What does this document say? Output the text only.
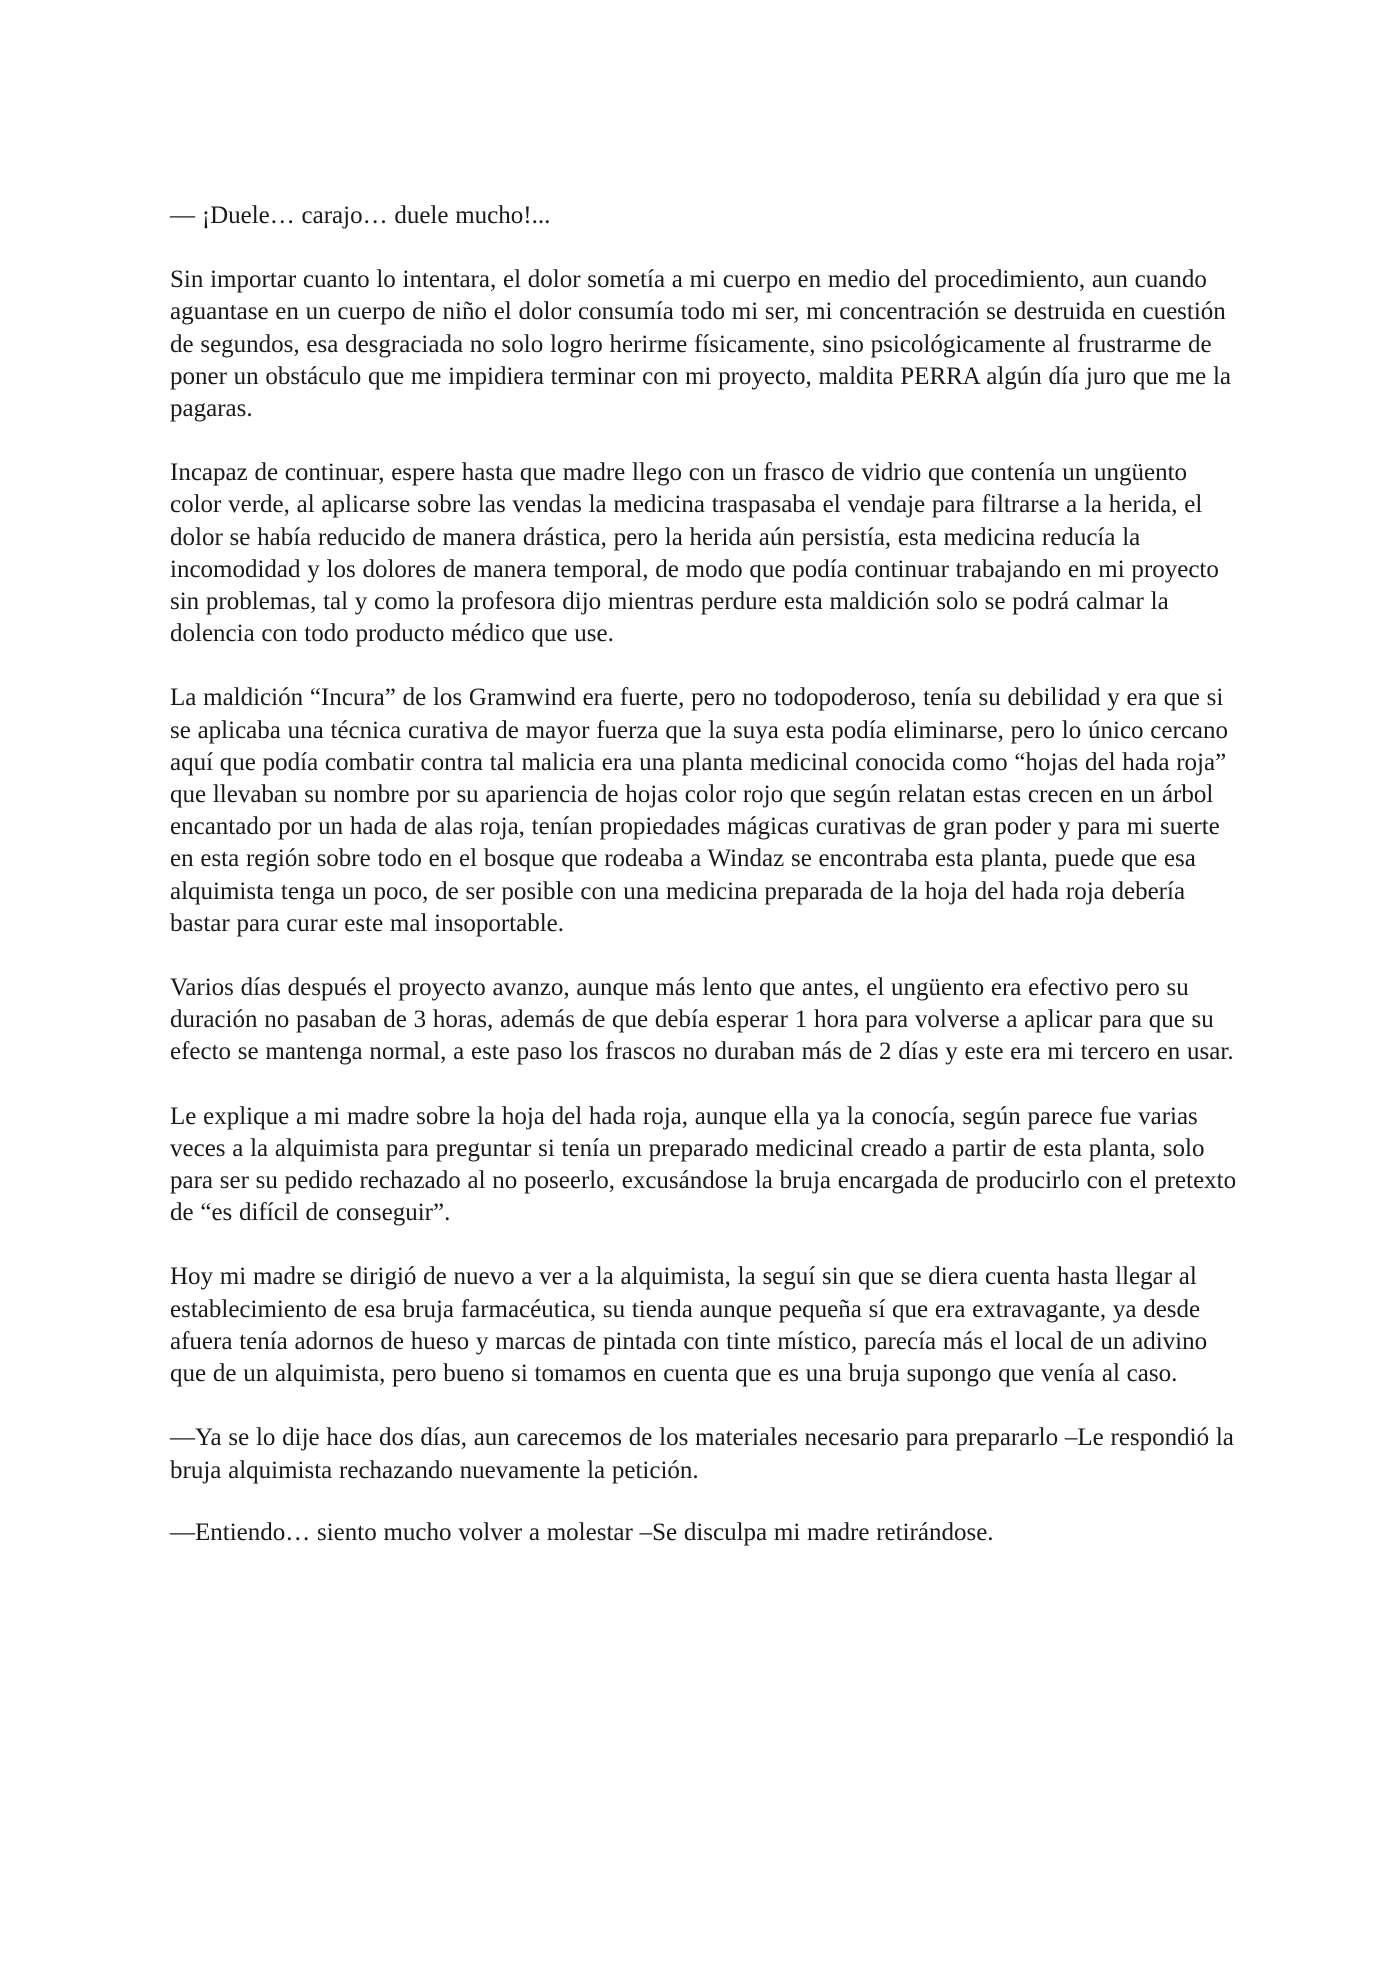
— ¡Duele… carajo… duele mucho!...

Sin importar cuanto lo intentara, el dolor sometía a mi cuerpo en medio del procedimiento, aun cuando aguantase en un cuerpo de niño el dolor consumía todo mi ser, mi concentración se destruida en cuestión de segundos, esa desgraciada no solo logro herirme físicamente, sino psicológicamente al frustrarme de poner un obstáculo que me impidiera terminar con mi proyecto, maldita PERRA algún día juro que me la pagaras.

Incapaz de continuar, espere hasta que madre llego con un frasco de vidrio que contenía un ungüento color verde, al aplicarse sobre las vendas la medicina traspasaba el vendaje para filtrarse a la herida, el dolor se había reducido de manera drástica, pero la herida aún persistía, esta medicina reducía la incomodidad y los dolores de manera temporal, de modo que podía continuar trabajando en mi proyecto sin problemas, tal y como la profesora dijo mientras perdure esta maldición solo se podrá calmar la dolencia con todo producto médico que use.

La maldición “Incura” de los Gramwind era fuerte, pero no todopoderoso, tenía su debilidad y era que si se aplicaba una técnica curativa de mayor fuerza que la suya esta podía eliminarse, pero lo único cercano aquí que podía combatir contra tal malicia era una planta medicinal conocida como “hojas del hada roja” que llevaban su nombre por su apariencia de hojas color rojo que según relatan estas crecen en un árbol encantado por un hada de alas roja, tenían propiedades mágicas curativas de gran poder y para mi suerte en esta región sobre todo en el bosque que rodeaba a Windaz se encontraba esta planta, puede que esa alquimista tenga un poco, de ser posible con una medicina preparada de la hoja del hada roja debería bastar para curar este mal insoportable.

Varios días después el proyecto avanzo, aunque más lento que antes, el ungüento era efectivo pero su duración no pasaban de 3 horas, además de que debía esperar 1 hora para volverse a aplicar para que su efecto se mantenga normal, a este paso los frascos no duraban más de 2 días y este era mi tercero en usar.

Le explique a mi madre sobre la hoja del hada roja, aunque ella ya la conocía, según parece fue varias veces a la alquimista para preguntar si tenía un preparado medicinal creado a partir de esta planta, solo para ser su pedido rechazado al no poseerlo, excusándose la bruja encargada de producirlo con el pretexto de “es difícil de conseguir”.

Hoy mi madre se dirigió de nuevo a ver a la alquimista, la seguí sin que se diera cuenta hasta llegar al establecimiento de esa bruja farmacéutica, su tienda aunque pequeña sí que era extravagante, ya desde afuera tenía adornos de hueso y marcas de pintada con tinte místico, parecía más el local de un adivino que de un alquimista, pero bueno si tomamos en cuenta que es una bruja supongo que venía al caso.

—Ya se lo dije hace dos días, aun carecemos de los materiales necesario para prepararlo –Le respondió la bruja alquimista rechazando nuevamente la petición.

—Entiendo… siento mucho volver a molestar –Se disculpa mi madre retirándose.
